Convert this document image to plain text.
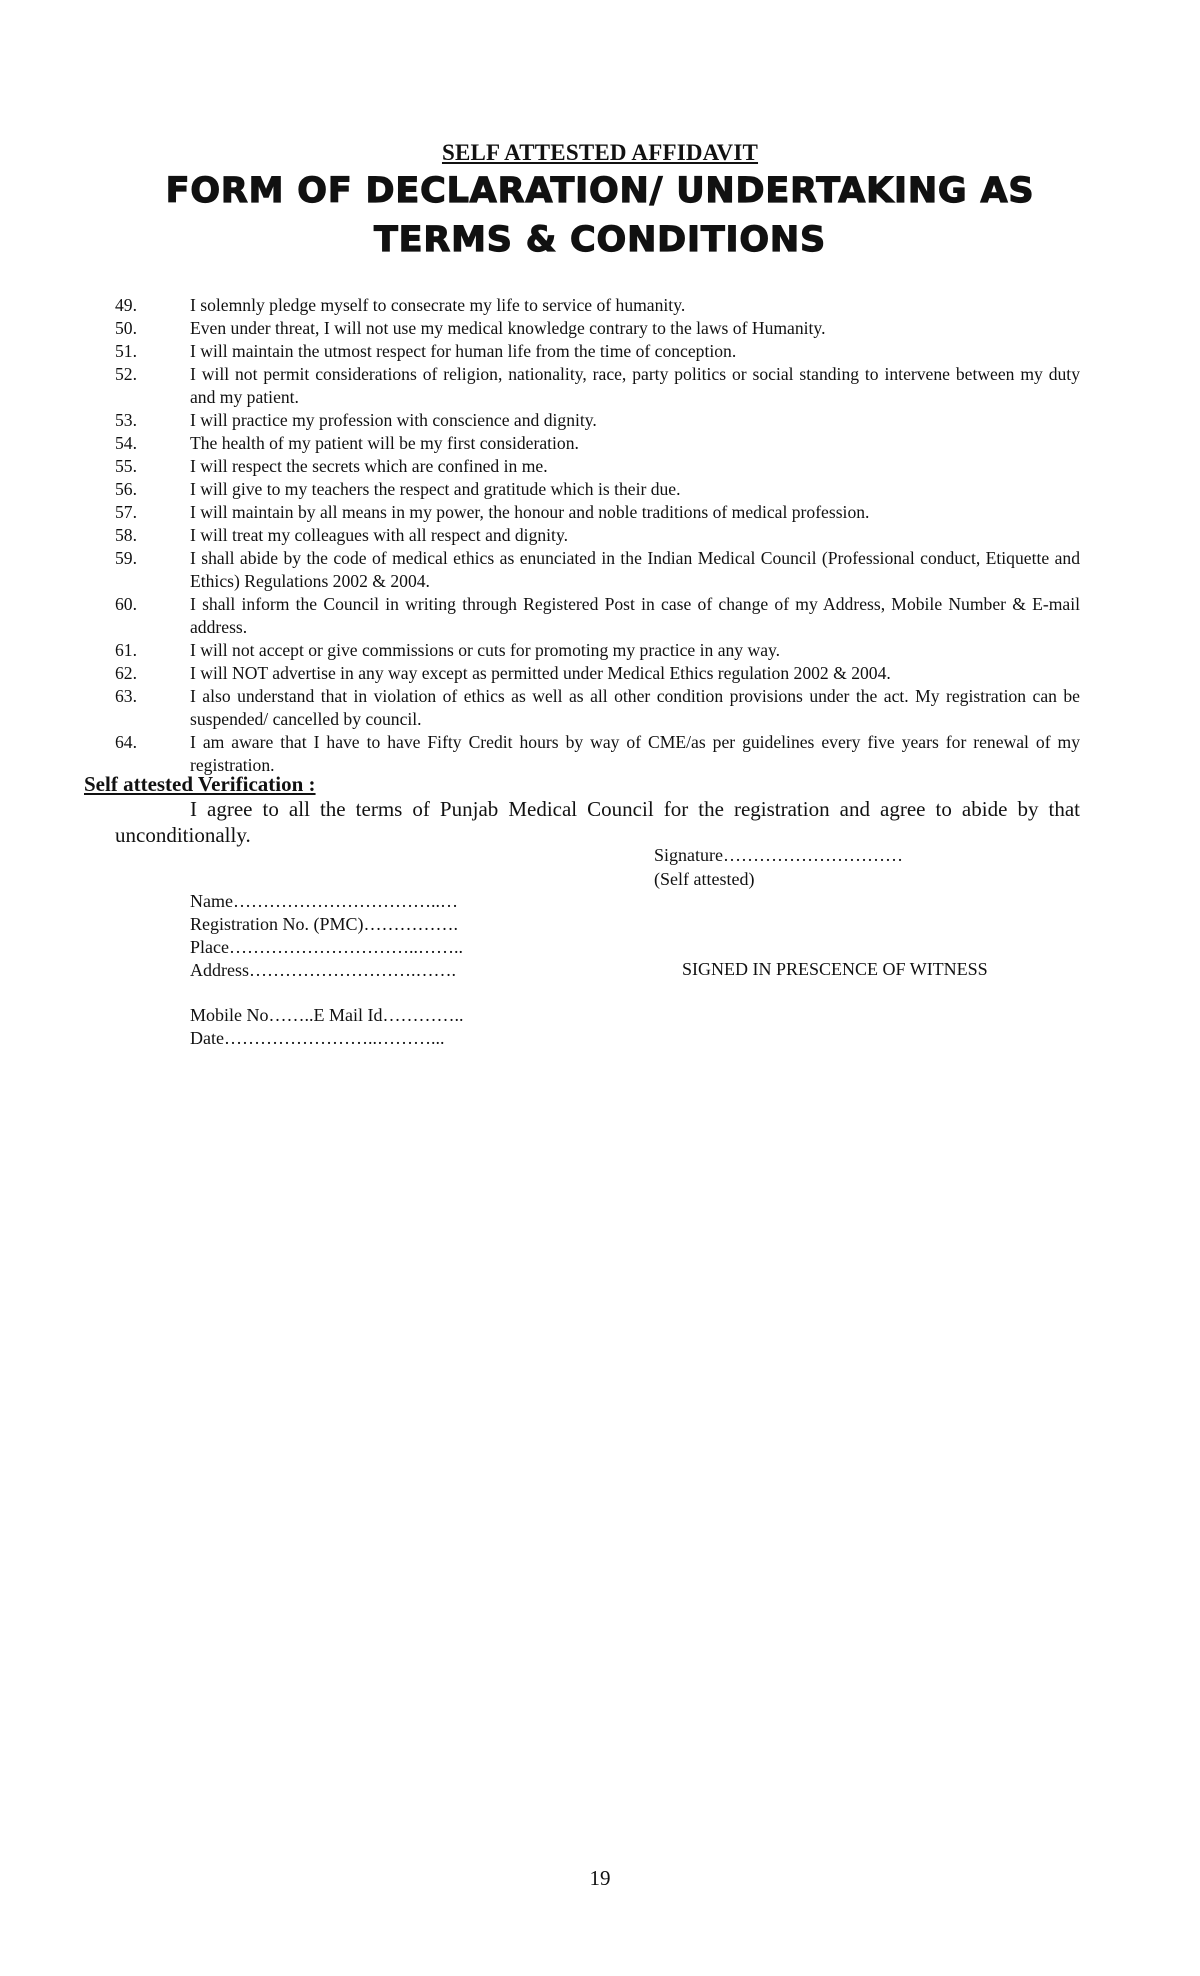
SELF ATTESTED AFFIDAVIT
FORM OF DECLARATION/ UNDERTAKING AS
TERMS & CONDITIONS
49.	I solemnly pledge myself to consecrate my life to service of humanity.
50.	Even under threat, I will not use my medical knowledge contrary to the laws of Humanity.
51.	I will maintain the utmost respect for human life from the time of conception.
52.	I will not permit considerations of religion, nationality, race, party politics or social standing to intervene between my duty and my patient.
53.	I will practice my profession with conscience and dignity.
54.	The health of my patient will be my first consideration.
55.	I will respect the secrets which are confined in me.
56.	I will give to my teachers the respect and gratitude which is their due.
57.	I will maintain by all means in my power, the honour and noble traditions of medical profession.
58.	I will treat my colleagues with all respect and dignity.
59.	I shall abide by the code of medical ethics as enunciated in the Indian Medical Council (Professional conduct, Etiquette and Ethics) Regulations 2002 & 2004.
60.	I shall inform the Council in writing through Registered Post in case of change of my Address, Mobile Number & E-mail address.
61.	I will not accept or give commissions or cuts for promoting my practice in any way.
62.	I will NOT advertise in any way except as permitted under Medical Ethics regulation 2002 & 2004.
63.	I also understand that in violation of ethics as well as all other condition provisions under the act. My registration can be suspended/ cancelled by council.
64.	I am aware that I have to have Fifty Credit hours by way of CME/as per guidelines every five years for renewal of my registration.
Self attested Verification :
I agree to all the terms of Punjab Medical Council for the registration and agree to abide by that unconditionally.
Signature…………………………
(Self attested)
Name……………………………..…
Registration No. (PMC)…………….
Place…………………………..……..
Address……………………….…….
Mobile No……..E Mail Id…………..
Date……………………..………...
SIGNED IN PRESCENCE OF WITNESS
19
